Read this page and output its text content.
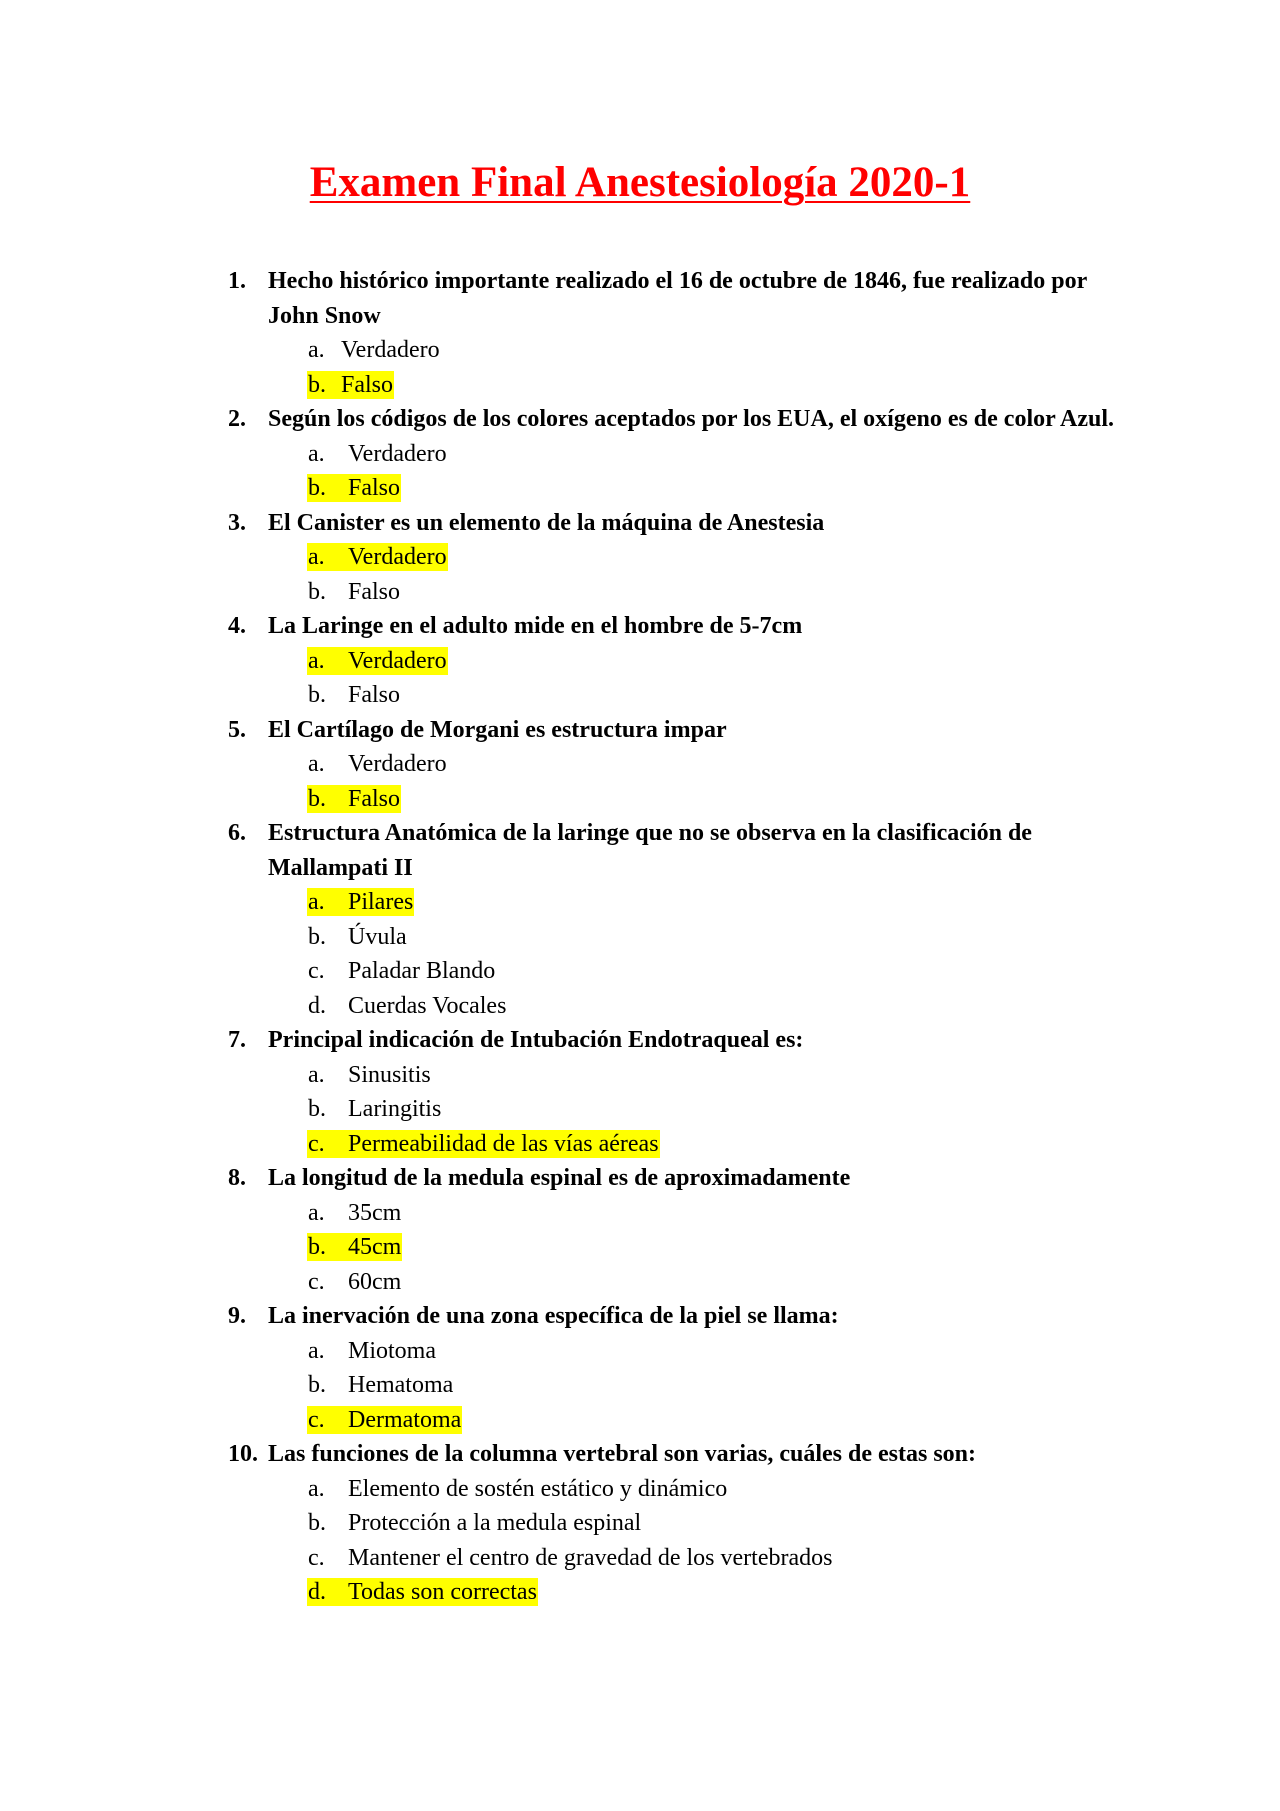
Examen Final Anestesiología 2020-1
1. Hecho histórico importante realizado el 16 de octubre de 1846, fue realizado por John Snow
a. Verdadero
b. Falso
2. Según los códigos de los colores aceptados por los EUA, el oxígeno es de color Azul.
a. Verdadero
b. Falso
3. El Canister es un elemento de la máquina de Anestesia
a. Verdadero
b. Falso
4. La Laringe en el adulto mide en el hombre de 5-7cm
a. Verdadero
b. Falso
5. El Cartílago de Morgani es estructura impar
a. Verdadero
b. Falso
6. Estructura Anatómica de la laringe que no se observa en la clasificación de Mallampati II
a. Pilares
b. Úvula
c. Paladar Blando
d. Cuerdas Vocales
7. Principal indicación de Intubación Endotraqueal es:
a. Sinusitis
b. Laringitis
c. Permeabilidad de las vías aéreas
8. La longitud de la medula espinal es de aproximadamente
a. 35cm
b. 45cm
c. 60cm
9. La inervación de una zona específica de la piel se llama:
a. Miotoma
b. Hematoma
c. Dermatoma
10. Las funciones de la columna vertebral son varias, cuáles de estas son:
a. Elemento de sostén estático y dinámico
b. Protección a la medula espinal
c. Mantener el centro de gravedad de los vertebrados
d. Todas son correctas
